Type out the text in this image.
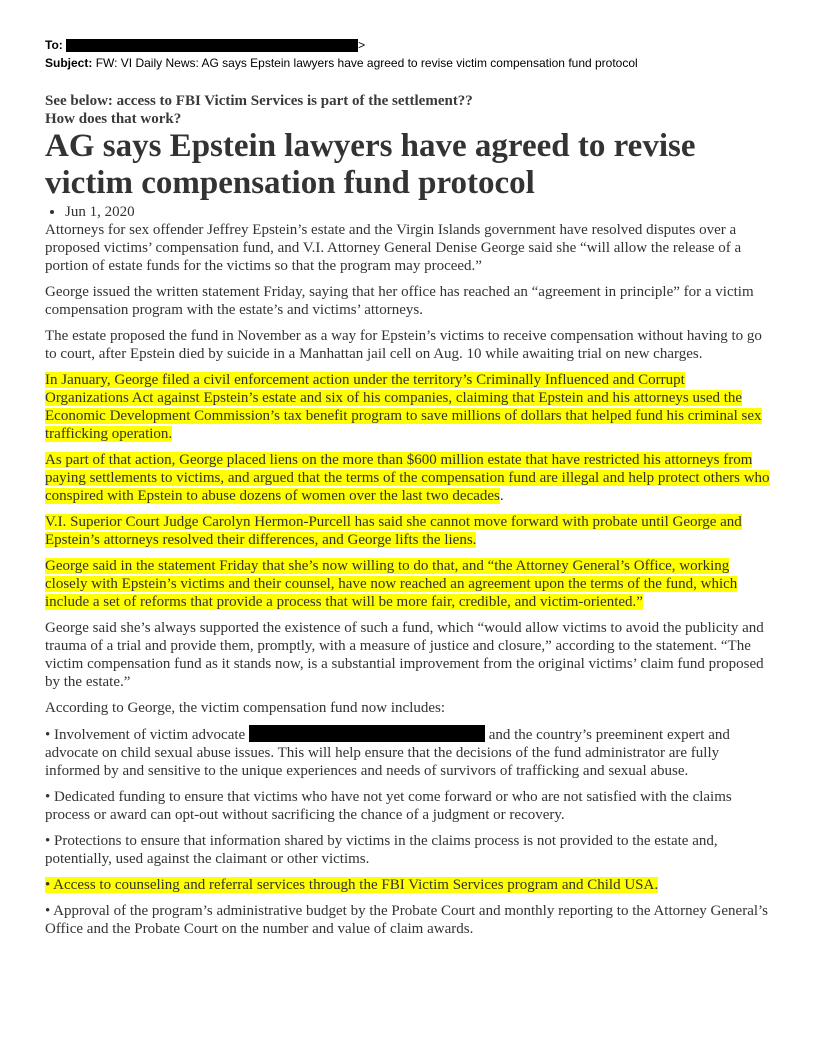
To:	>
Subject: FW: VI Daily News: AG says Epstein lawyers have agreed to revise victim compensation fund protocol
See below: access to FBI Victim Services is part of the settlement??
How does that work?
AG says Epstein lawyers have agreed to revise victim compensation fund protocol
• Jun 1, 2020

Attorneys for sex offender Jeffrey Epstein’s estate and the Virgin Islands government have resolved disputes over a proposed victims’ compensation fund, and V.I. Attorney General Denise George said she “will allow the release of a portion of estate funds for the victims so that the program may proceed.”

George issued the written statement Friday, saying that her office has reached an “agreement in principle” for a victim compensation program with the estate’s and victims’ attorneys.

The estate proposed the fund in November as a way for Epstein’s victims to receive compensation without having to go to court, after Epstein died by suicide in a Manhattan jail cell on Aug. 10 while awaiting trial on new charges.

In January, George filed a civil enforcement action under the territory’s Criminally Influenced and Corrupt Organizations Act against Epstein’s estate and six of his companies, claiming that Epstein and his attorneys used the Economic Development Commission’s tax benefit program to save millions of dollars that helped fund his criminal sex trafficking operation.

As part of that action, George placed liens on the more than $600 million estate that have restricted his attorneys from paying settlements to victims, and argued that the terms of the compensation fund are illegal and help protect others who conspired with Epstein to abuse dozens of women over the last two decades.

V.I. Superior Court Judge Carolyn Hermon-Purcell has said she cannot move forward with probate until George and Epstein’s attorneys resolved their differences, and George lifts the liens.

George said in the statement Friday that she’s now willing to do that, and “the Attorney General’s Office, working closely with Epstein’s victims and their counsel, have now reached an agreement upon the terms of the fund, which include a set of reforms that provide a process that will be more fair, credible, and victim-oriented.”

George said she’s always supported the existence of such a fund, which “would allow victims to avoid the publicity and trauma of a trial and provide them, promptly, with a measure of justice and closure,” according to the statement. “The victim compensation fund as it stands now, is a substantial improvement from the original victims’ claim fund proposed by the estate.”

According to George, the victim compensation fund now includes:

• Involvement of victim advocate	and the country’s preeminent expert and advocate on child sexual abuse issues. This will help ensure that the decisions of the fund administrator are fully informed by and sensitive to the unique experiences and needs of survivors of trafficking and sexual abuse.

• Dedicated funding to ensure that victims who have not yet come forward or who are not satisfied with the claims process or award can opt-out without sacrificing the chance of a judgment or recovery.

• Protections to ensure that information shared by victims in the claims process is not provided to the estate and, potentially, used against the claimant or other victims.

• Access to counseling and referral services through the FBI Victim Services program and Child USA.

• Approval of the program’s administrative budget by the Probate Court and monthly reporting to the Attorney General’s Office and the Probate Court on the number and value of claim awards.
